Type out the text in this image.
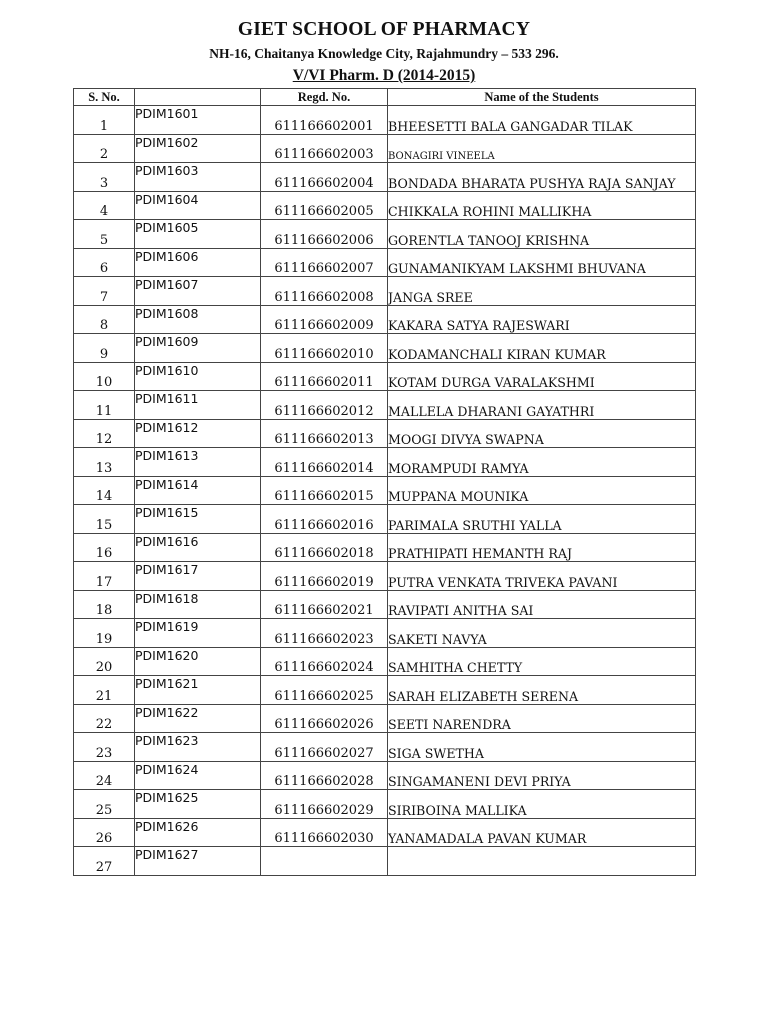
GIET SCHOOL OF PHARMACY
NH-16, Chaitanya Knowledge City, Rajahmundry – 533 296.
V/VI Pharm. D (2014-2015)
S. No.		Regd. No.	Name of the Students
1	PDIM1601	611166602001	BHEESETTI BALA GANGADAR TILAK
2	PDIM1602	611166602003	BONAGIRI VINEELA
3	PDIM1603	611166602004	BONDADA BHARATA PUSHYA RAJA SANJAY
4	PDIM1604	611166602005	CHIKKALA ROHINI MALLIKHA
5	PDIM1605	611166602006	GORENTLA TANOOJ KRISHNA
6	PDIM1606	611166602007	GUNAMANIKYAM LAKSHMI BHUVANA
7	PDIM1607	611166602008	JANGA SREE
8	PDIM1608	611166602009	KAKARA SATYA RAJESWARI
9	PDIM1609	611166602010	KODAMANCHALI KIRAN KUMAR
10	PDIM1610	611166602011	KOTAM DURGA VARALAKSHMI
11	PDIM1611	611166602012	MALLELA DHARANI GAYATHRI
12	PDIM1612	611166602013	MOOGI DIVYA SWAPNA
13	PDIM1613	611166602014	MORAMPUDI RAMYA
14	PDIM1614	611166602015	MUPPANA MOUNIKA
15	PDIM1615	611166602016	PARIMALA SRUTHI YALLA
16	PDIM1616	611166602018	PRATHIPATI HEMANTH RAJ
17	PDIM1617	611166602019	PUTRA VENKATA TRIVEKA PAVANI
18	PDIM1618	611166602021	RAVIPATI ANITHA SAI
19	PDIM1619	611166602023	SAKETI NAVYA
20	PDIM1620	611166602024	SAMHITHA CHETTY
21	PDIM1621	611166602025	SARAH ELIZABETH SERENA
22	PDIM1622	611166602026	SEETI NARENDRA
23	PDIM1623	611166602027	SIGA SWETHA
24	PDIM1624	611166602028	SINGAMANENI DEVI PRIYA
25	PDIM1625	611166602029	SIRIBOINA MALLIKA
26	PDIM1626	611166602030	YANAMADALA PAVAN KUMAR
27	PDIM1627		
